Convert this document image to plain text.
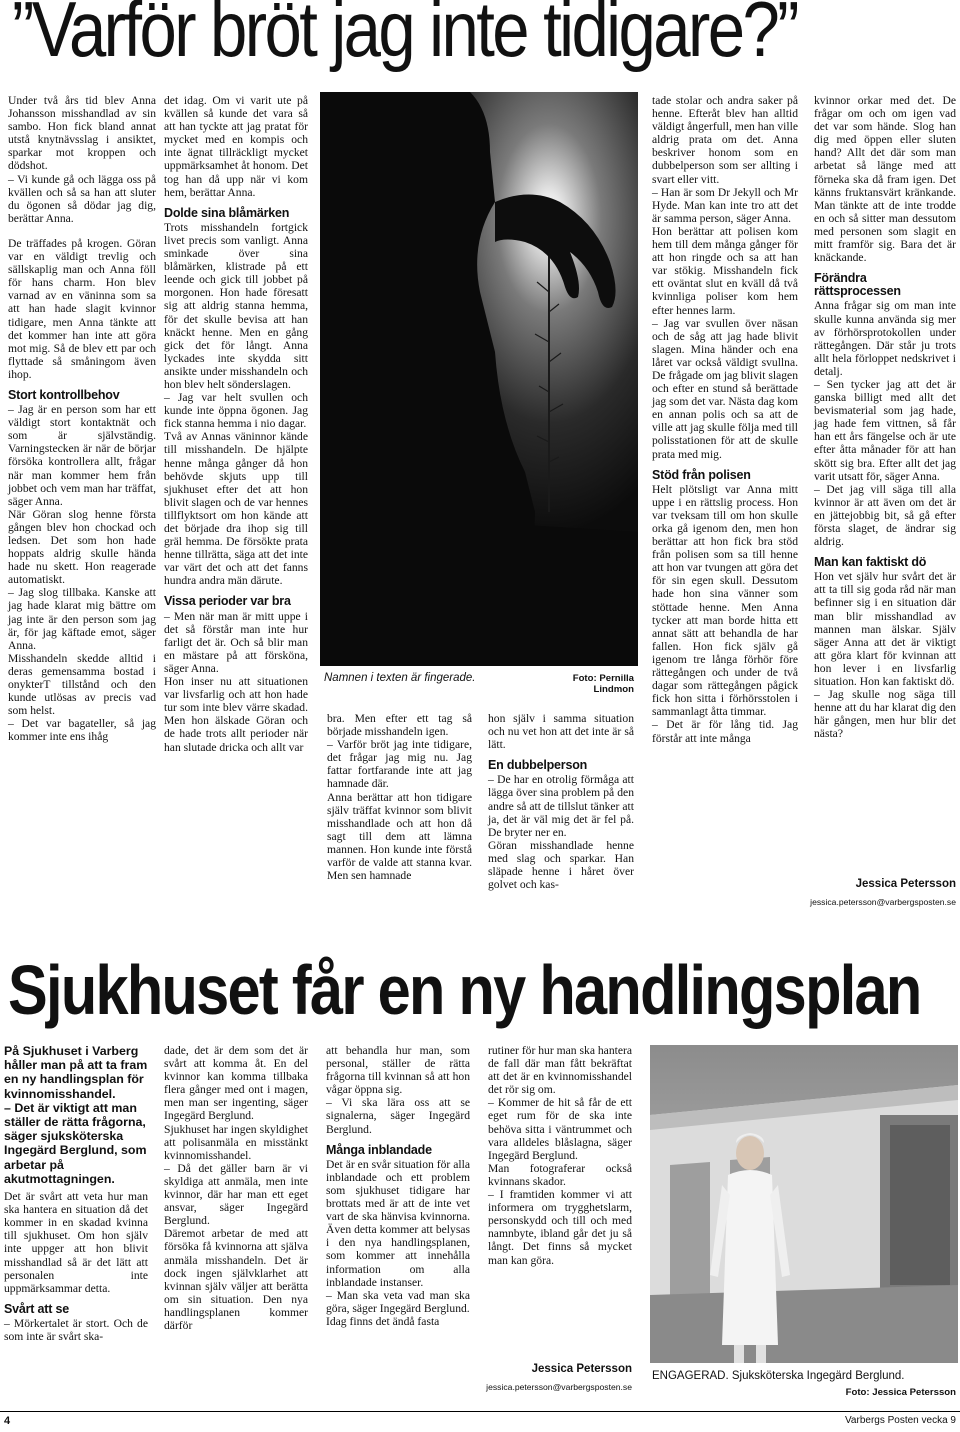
”Varför bröt jag inte tidigare?”

Under två års tid blev Anna Johansson misshandlad av sin sambo. Hon fick bland annat utstå knytnävsslag i ansiktet, sparkar mot kroppen och dödshot.

– Vi kunde gå och lägga oss på kvällen och så sa han att sluter du ögonen så dödar jag dig, berättar Anna.

De träffades på krogen. Göran var en väldigt trevlig och sällskaplig man och Anna föll för hans charm. Hon blev varnad av en väninna som sa att han hade slagit kvinnor tidigare, men Anna tänkte att det kommer han inte att göra mot mig. Så de blev ett par och flyttade så småningom även ihop.

Stort kontrollbehov

– Jag är en person som har ett väldigt stort kontaktnät och som är självständig. Varningstecken är när de börjar försöka kontrollera allt, frågar när man kommer hem från jobbet och vem man har träffat, säger Anna.

När Göran slog henne första gången blev hon chockad och ledsen. Det som hon hade hoppats aldrig skulle hända hade nu skett. Hon reagerade automatiskt.

– Jag slog tillbaka. Kanske att jag hade klarat mig bättre om jag inte är den person som jag är, för jag käftade emot, säger Anna.

Misshandeln skedde alltid i deras gemensamma bostad i onykterT tillstånd och den kunde utlösas av precis vad som helst.

– Det var bagateller, så jag kommer inte ens ihåg

det idag. Om vi varit ute på kvällen så kunde det vara så att han tyckte att jag pratat för mycket med en kompis och inte ägnat tillräckligt mycket uppmärksamhet åt honom. Det tog han då upp när vi kom hem, berättar Anna.

Dolde sina blåmärken

Trots misshandeln fortgick livet precis som vanligt. Anna sminkade över sina blåmärken, klistrade på ett leende och gick till jobbet på morgonen. Hon hade föresatt sig att aldrig stanna hemma, för det skulle bevisa att han knäckt henne. Men en gång gick det för långt. Anna lyckades inte skydda sitt ansikte under misshandeln och hon blev helt sönderslagen.

– Jag var helt svullen och kunde inte öppna ögonen. Jag fick stanna hemma i nio dagar.

Två av Annas väninnor kände till misshandeln. De hjälpte henne många gånger då hon behövde skjuts upp till sjukhuset efter det att hon blivit slagen och de var hennes tillflyktsort om hon kände att det började dra ihop sig till gräl hemma. De försökte prata henne tillrätta, säga att det inte var värt det och att det fanns hundra andra män därute.

Vissa perioder var bra

– Men när man är mitt uppe i det så förstår man inte hur farligt det är. Och så blir man en mästare på att försköna, säger Anna.

Hon inser nu att situationen var livsfarlig och att hon hade tur som inte blev värre skadad. Men hon älskade Göran och de hade trots allt perioder när han slutade dricka och allt var

Namnen i texten är fingerade.	Foto: Pernilla Lindmon

bra. Men efter ett tag så började misshandeln igen.

– Varför bröt jag inte tidigare, det frågar jag mig nu. Jag fattar fortfarande inte att jag hamnade där.

Anna berättar att hon tidigare själv träffat kvinnor som blivit misshandlade och att hon då sagt till dem att lämna mannen. Hon kunde inte förstå varför de valde att stanna kvar. Men sen hamnade

hon själv i samma situation och nu vet hon att det inte är så lätt.

En dubbelperson

– De har en otrolig förmåga att lägga över sina problem på den andre så att de tillslut tänker att ja, det är väl mig det är fel på. De bryter ner en.

Göran misshandlade henne med slag och sparkar. Han släpade henne i håret över golvet och kas-

tade stolar och andra saker på henne. Efteråt blev han alltid väldigt ångerfull, men han ville aldrig prata om det. Anna beskriver honom som en dubbelperson som ser allting i svart eller vitt.

– Han är som Dr Jekyll och Mr Hyde. Man kan inte tro att det är samma person, säger Anna.

Hon berättar att polisen kom hem till dem många gånger för att hon ringde och sa att han var stökig. Misshandeln fick ett oväntat slut en kväll då två kvinnliga poliser kom hem efter hennes larm.

– Jag var svullen över näsan och de såg att jag hade blivit slagen. Mina händer och ena låret var också väldigt svullna. De frågade om jag blivit slagen och efter en stund så berättade jag som det var. Nästa dag kom en annan polis och sa att de ville att jag skulle följa med till polisstationen för att de skulle prata med mig.

Stöd från polisen

Helt plötsligt var Anna mitt uppe i en rättslig process. Hon var tveksam till om hon skulle orka gå igenom den, men hon berättar att hon fick bra stöd från polisen som sa till henne att hon var tvungen att göra det för sin egen skull. Dessutom hade hon sina vänner som stöttade henne. Men Anna tycker att man borde hitta ett annat sätt att behandla de har fallen. Hon fick själv gå igenom tre långa förhör före rättegången och under de två dagar som rättegången pågick fick hon sitta i förhörsstolen i sammanlagt åtta timmar.

– Det är för lång tid. Jag förstår att inte många

kvinnor orkar med det. De frågar om och om igen vad det var som hände. Slog han dig med öppen eller sluten hand? Allt det där som man arbetat så länge med att förneka ska då fram igen. Det känns fruktansvärt kränkande. Man tänkte att de inte trodde en och så sitter man dessutom med personen som slagit en mitt framför sig. Bara det är knäckande.

Förändra rättsprocessen

Anna frågar sig om man inte skulle kunna använda sig mer av förhörsprotokollen under rättegången. Där står ju trots allt hela förloppet nedskrivet i detalj.

– Sen tycker jag att det är ganska billigt med allt det bevismaterial som jag hade, jag hade fem vittnen, så får han ett års fängelse och är ute efter åtta månader för att han skött sig bra. Efter allt det jag varit utsatt för, säger Anna.

– Det jag vill säga till alla kvinnor är att även om det är en jättejobbig bit, så gå efter första slaget, de ändrar sig aldrig.

Man kan faktiskt dö

Hon vet själv hur svårt det är att ta till sig goda råd när man befinner sig i en situation där man blir misshandlad av mannen man älskar. Själv säger Anna att det är viktigt att göra klart för kvinnan att hon lever i en livsfarlig situation. Hon kan faktiskt dö.

– Jag skulle nog säga till henne att du har klarat dig den här gången, men hur blir det nästa?

Jessica Petersson
jessica.petersson@varbergsposten.se
Sjukhuset får en ny handlingsplan

På Sjukhuset i Varberg håller man på att ta fram en ny handlingsplan för kvinnomisshandel.

– Det är viktigt att man ställer de rätta frågorna, säger sjuksköterska Ingegärd Berglund, som arbetar på akutmottagningen.

Det är svårt att veta hur man ska hantera en situation då det kommer in en skadad kvinna till sjukhuset. Om hon själv inte uppger att hon blivit misshandlad så är det lätt att personalen inte uppmärksammar detta.

Svårt att se

– Mörkertalet är stort. Och de som inte är svårt ska-

dade, det är dem som det är svårt att komma åt. En del kvinnor kan komma tillbaka flera gånger med ont i magen, men man ser ingenting, säger Ingegärd Berglund.

Sjukhuset har ingen skyldighet att polisanmäla en misstänkt kvinnomisshandel.

– Då det gäller barn är vi skyldiga att anmäla, men inte kvinnor, där har man ett eget ansvar, säger Ingegärd Berglund.

Däremot arbetar de med att försöka få kvinnorna att själva anmäla misshandeln. Det är dock ingen självklarhet att kvinnan själv väljer att berätta om sin situation. Den nya handlingsplanen kommer därför

att behandla hur man, som personal, ställer de rätta frågorna till kvinnan så att hon vågar öppna sig.

– Vi ska lära oss att se signalerna, säger Ingegärd Berglund.

Många inblandade

Det är en svår situation för alla inblandade och ett problem som sjukhuset tidigare har brottats med är att de inte vet vart de ska hänvisa kvinnorna. Även detta kommer att belysas i den nya handlingsplanen, som kommer att innehålla information om alla inblandade instanser.

– Man ska veta vad man ska göra, säger Ingegärd Berglund.

Idag finns det ändå fasta

rutiner för hur man ska hantera de fall där man fått bekräftat att det är en kvinnomisshandel det rör sig om.

– Kommer de hit så får de ett eget rum för de ska inte behöva sitta i väntrummet och vara alldeles blåslagna, säger Ingegärd Berglund.

Man fotograferar också kvinnans skador.

– I framtiden kommer vi att informera om trygghetslarm, personskydd och till och med namnbyte, ibland går det ju så långt. Det finns så mycket man kan göra.

Jessica Petersson
jessica.petersson@varbergsposten.se
ENGAGERAD. Sjuksköterska Ingegärd Berglund.
Foto: Jessica Petersson
4	Varbergs Posten vecka 9
